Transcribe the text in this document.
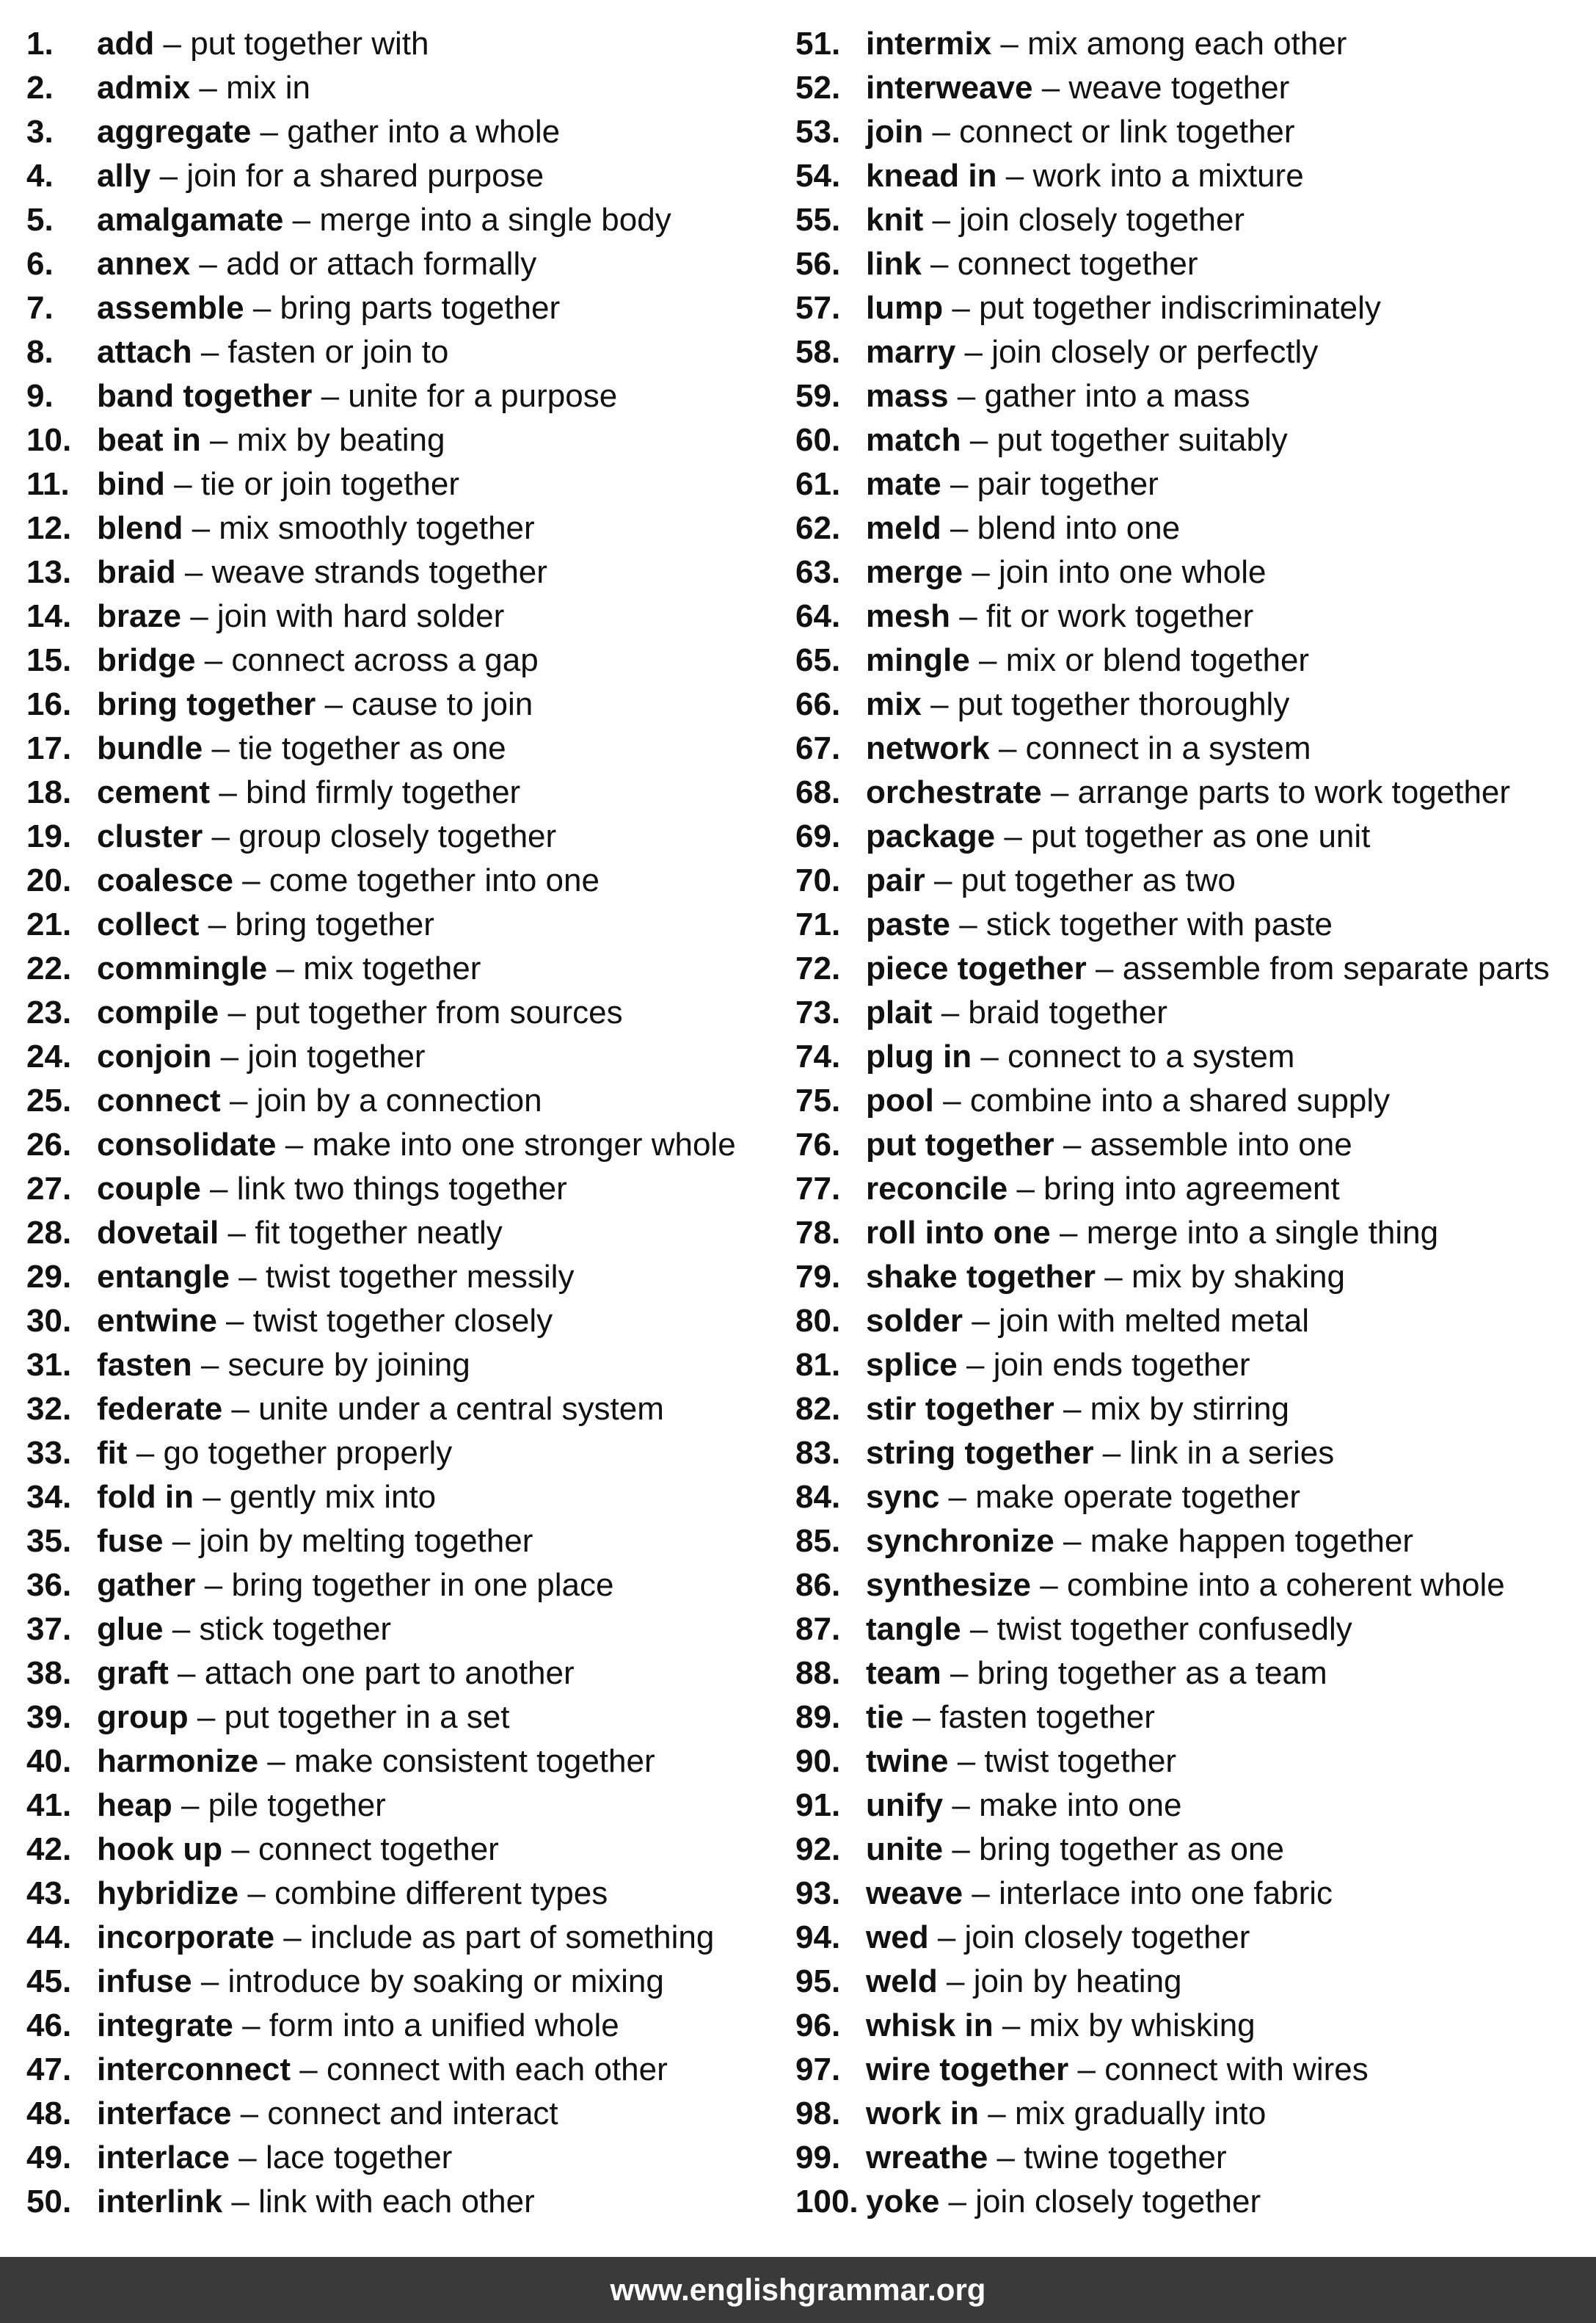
1. add – put together with
2. admix – mix in
3. aggregate – gather into a whole
4. ally – join for a shared purpose
5. amalgamate – merge into a single body
6. annex – add or attach formally
7. assemble – bring parts together
8. attach – fasten or join to
9. band together – unite for a purpose
10. beat in – mix by beating
11. bind – tie or join together
12. blend – mix smoothly together
13. braid – weave strands together
14. braze – join with hard solder
15. bridge – connect across a gap
16. bring together – cause to join
17. bundle – tie together as one
18. cement – bind firmly together
19. cluster – group closely together
20. coalesce – come together into one
21. collect – bring together
22. commingle – mix together
23. compile – put together from sources
24. conjoin – join together
25. connect – join by a connection
26. consolidate – make into one stronger whole
27. couple – link two things together
28. dovetail – fit together neatly
29. entangle – twist together messily
30. entwine – twist together closely
31. fasten – secure by joining
32. federate – unite under a central system
33. fit – go together properly
34. fold in – gently mix into
35. fuse – join by melting together
36. gather – bring together in one place
37. glue – stick together
38. graft – attach one part to another
39. group – put together in a set
40. harmonize – make consistent together
41. heap – pile together
42. hook up – connect together
43. hybridize – combine different types
44. incorporate – include as part of something
45. infuse – introduce by soaking or mixing
46. integrate – form into a unified whole
47. interconnect – connect with each other
48. interface – connect and interact
49. interlace – lace together
50. interlink – link with each other
51. intermix – mix among each other
52. interweave – weave together
53. join – connect or link together
54. knead in – work into a mixture
55. knit – join closely together
56. link – connect together
57. lump – put together indiscriminately
58. marry – join closely or perfectly
59. mass – gather into a mass
60. match – put together suitably
61. mate – pair together
62. meld – blend into one
63. merge – join into one whole
64. mesh – fit or work together
65. mingle – mix or blend together
66. mix – put together thoroughly
67. network – connect in a system
68. orchestrate – arrange parts to work together
69. package – put together as one unit
70. pair – put together as two
71. paste – stick together with paste
72. piece together – assemble from separate parts
73. plait – braid together
74. plug in – connect to a system
75. pool – combine into a shared supply
76. put together – assemble into one
77. reconcile – bring into agreement
78. roll into one – merge into a single thing
79. shake together – mix by shaking
80. solder – join with melted metal
81. splice – join ends together
82. stir together – mix by stirring
83. string together – link in a series
84. sync – make operate together
85. synchronize – make happen together
86. synthesize – combine into a coherent whole
87. tangle – twist together confusedly
88. team – bring together as a team
89. tie – fasten together
90. twine – twist together
91. unify – make into one
92. unite – bring together as one
93. weave – interlace into one fabric
94. wed – join closely together
95. weld – join by heating
96. whisk in – mix by whisking
97. wire together – connect with wires
98. work in – mix gradually into
99. wreathe – twine together
100. yoke – join closely together
www.englishgrammar.org
